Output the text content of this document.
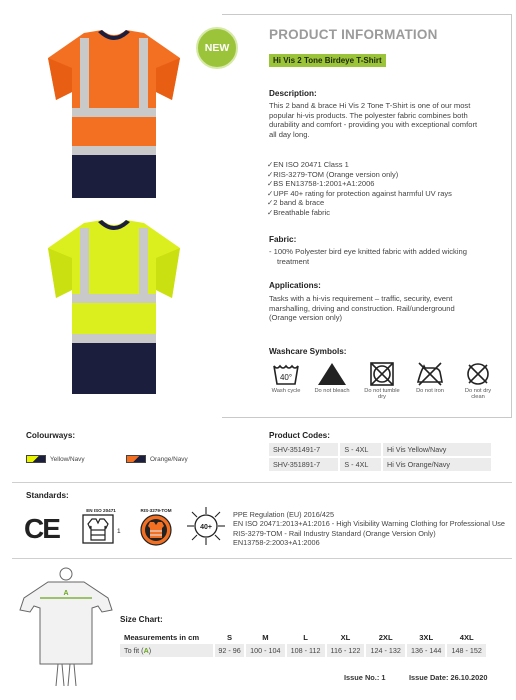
NEW
PRODUCT INFORMATION
Hi Vis 2 Tone Birdeye T-Shirt
Description:
This 2 band & brace Hi Vis 2 Tone T-Shirt is one of our most
popular hi-vis products. The polyester fabric combines both
durability and comfort - providing you with exceptional comfort
all day long.
✓EN ISO 20471 Class 1
✓RIS-3279-TOM (Orange version only)
✓BS EN13758-1:2001+A1:2006
✓UPF 40+ rating for protection against harmful UV rays
✓2 band & brace
✓Breathable fabric
Fabric:
- 100% Polyester bird eye knitted fabric with added wicking
treatment
Applications:
Tasks with a hi-vis requirement – traffic, security, event
marshalling, driving and construction. Rail/underground
(Orange version only)
Washcare Symbols:
40°
Wash cycle	Do not bleach	Do not tumble
dry
Do not iron	Do not dry
clean
Colourways:
Yellow/Navy	Orange/Navy
Product Codes:
SHV-351491-7	S - 4XL	Hi Vis Yellow/Navy
SHV-351891-7	S - 4XL	Hi Vis Orange/Navy
Standards:
CE
EN ISO 20471
1
RIS-3279-TOM
40+
PPE Regulation (EU) 2016/425
EN ISO 20471:2013+A1:2016 - High Visibility Warning Clothing for Professional Use
RIS-3279-TOM - Rail Industry Standard (Orange Version Only)
EN13758-2:2003+A1:2006
A
Size Chart:
Measurements in cm	S	M	L	XL	2XL	3XL	4XL
To fit (A)	92 - 96	100 - 104	108 - 112	116 - 122	124 - 132	136 - 144	148 - 152
Issue No.: 1	Issue Date: 26.10.2020
